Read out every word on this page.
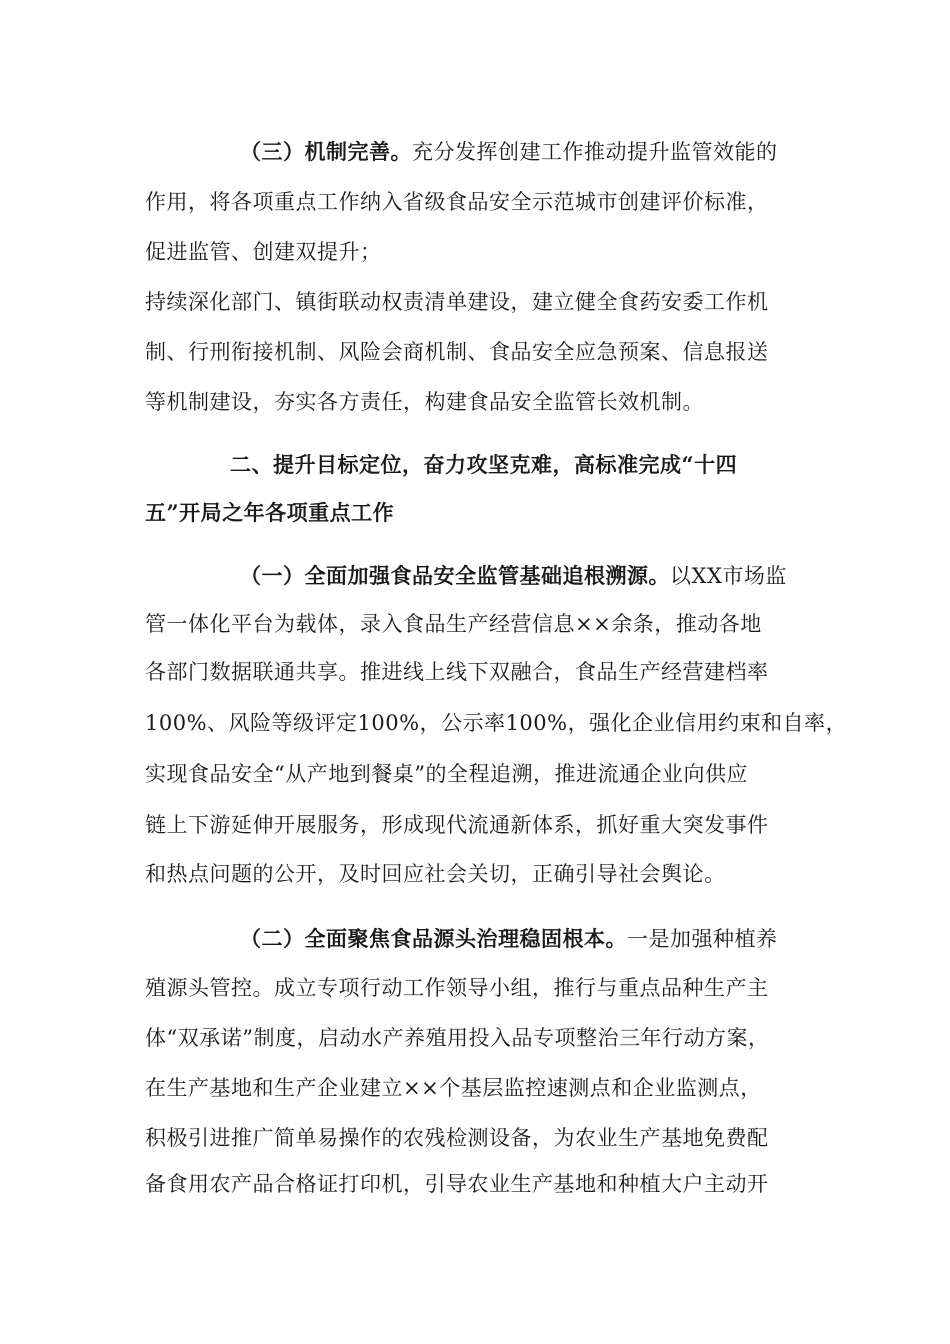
（三）机制完善。充分发挥创建工作推动提升监管效能的
作用，将各项重点工作纳入省级食品安全示范城市创建评价标准，
促进监管、创建双提升；
持续深化部门、镇街联动权责清单建设，建立健全食药安委工作机
制、行刑衔接机制、风险会商机制、食品安全应急预案、信息报送
等机制建设，夯实各方责任，构建食品安全监管长效机制。
二、提升目标定位，奋力攻坚克难，高标准完成“十四
五”开局之年各项重点工作
（一）全面加强食品安全监管基础追根溯源。以XX市场监
管一体化平台为载体，录入食品生产经营信息××余条，推动各地
各部门数据联通共享。推进线上线下双融合，食品生产经营建档率
100%、风险等级评定100%，公示率100%，强化企业信用约束和自率，
实现食品安全“从产地到餐桌”的全程追溯，推进流通企业向供应
链上下游延伸开展服务，形成现代流通新体系，抓好重大突发事件
和热点问题的公开，及时回应社会关切，正确引导社会舆论。
（二）全面聚焦食品源头治理稳固根本。一是加强种植养
殖源头管控。成立专项行动工作领导小组，推行与重点品种生产主
体“双承诺”制度，启动水产养殖用投入品专项整治三年行动方案，
在生产基地和生产企业建立××个基层监控速测点和企业监测点，
积极引进推广简单易操作的农残检测设备，为农业生产基地免费配
备食用农产品合格证打印机，引导农业生产基地和种植大户主动开
